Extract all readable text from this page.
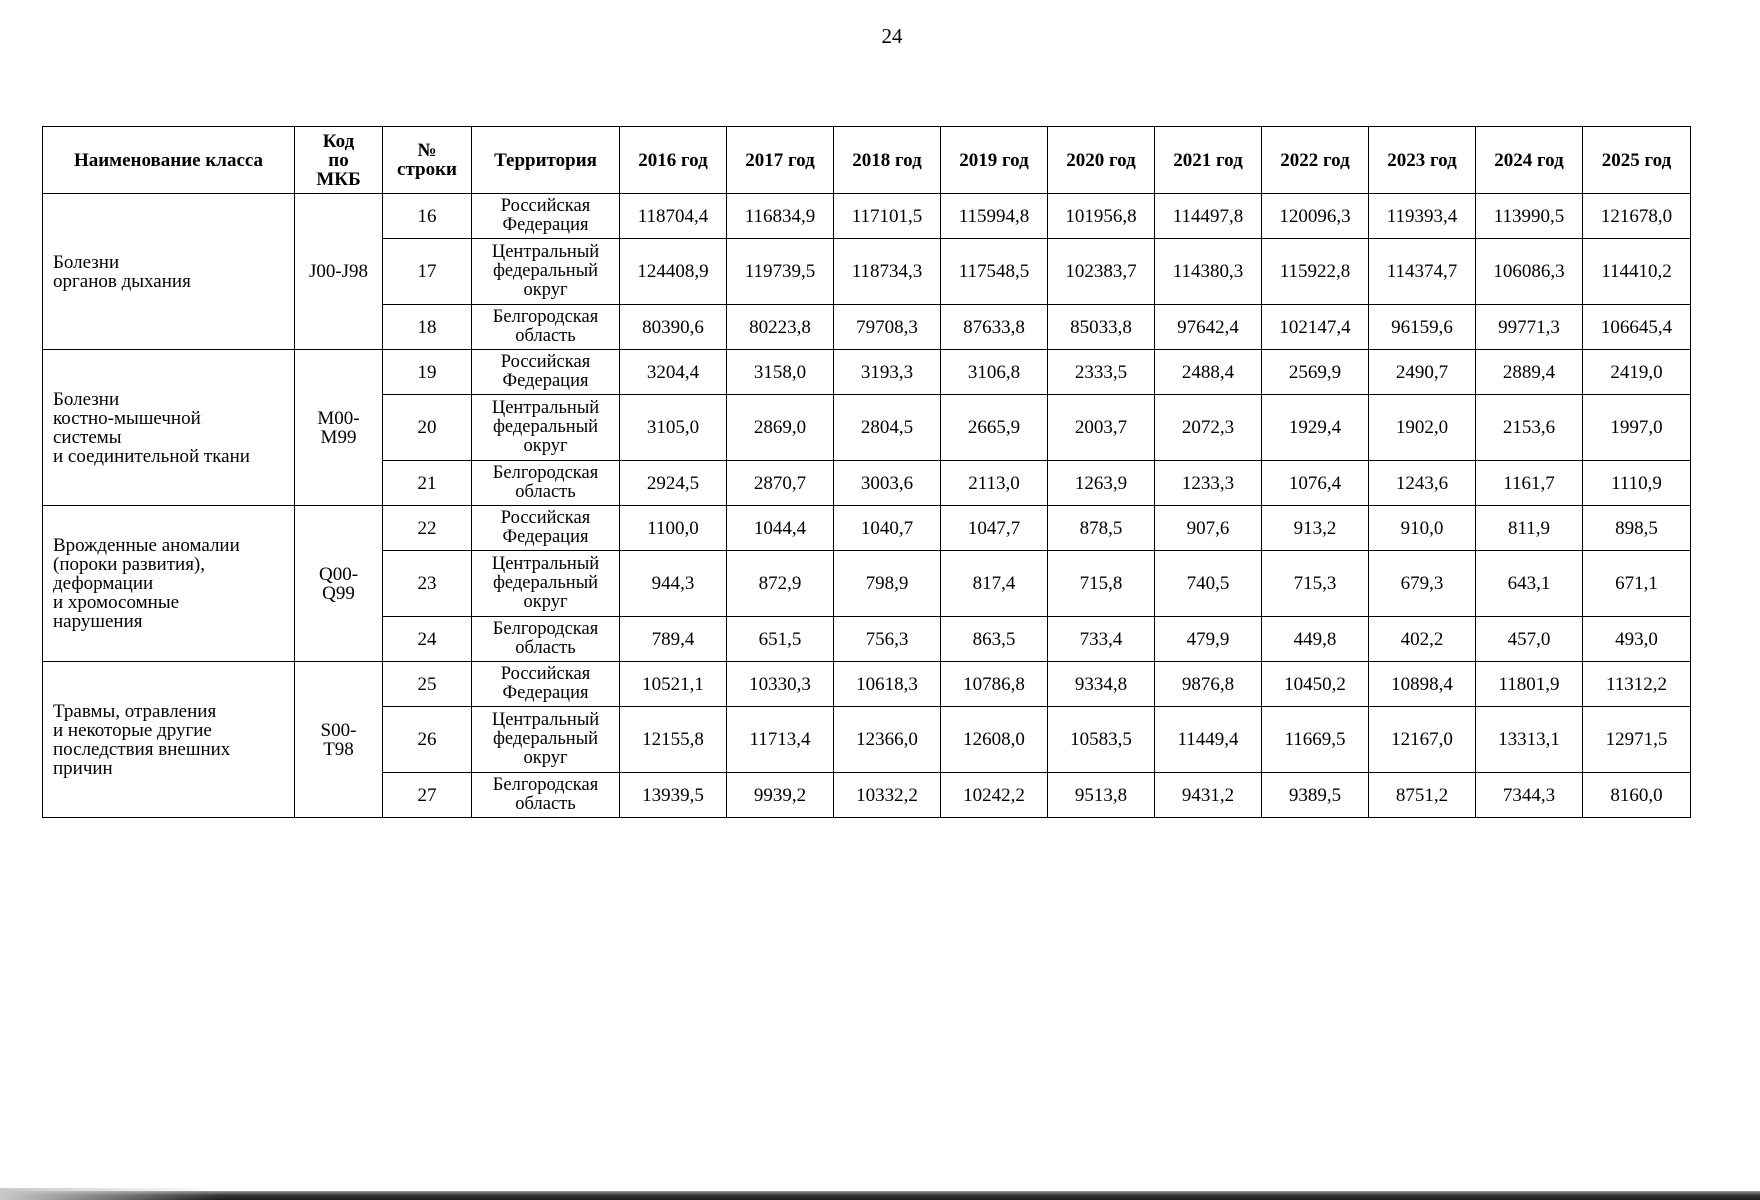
24
Наименование класса	Код
по
МКБ	№
строки	Территория	2016 год	2017 год	2018 год	2019 год	2020 год	2021 год	2022 год	2023 год	2024 год	2025 год
Болезни
органов дыхания	J00-J98	16	Российская
Федерация	118704,4	116834,9	117101,5	115994,8	101956,8	114497,8	120096,3	119393,4	113990,5	121678,0
		17	Центральный
федеральный
округ	124408,9	119739,5	118734,3	117548,5	102383,7	114380,3	115922,8	114374,7	106086,3	114410,2
		18	Белгородская
область	80390,6	80223,8	79708,3	87633,8	85033,8	97642,4	102147,4	96159,6	99771,3	106645,4
Болезни
костно-мышечной
системы
и соединительной ткани	M00-
M99	19	Российская
Федерация	3204,4	3158,0	3193,3	3106,8	2333,5	2488,4	2569,9	2490,7	2889,4	2419,0
		20	Центральный
федеральный
округ	3105,0	2869,0	2804,5	2665,9	2003,7	2072,3	1929,4	1902,0	2153,6	1997,0
		21	Белгородская
область	2924,5	2870,7	3003,6	2113,0	1263,9	1233,3	1076,4	1243,6	1161,7	1110,9
Врожденные аномалии
(пороки развития),
деформации
и хромосомные
нарушения	Q00-
Q99	22	Российская
Федерация	1100,0	1044,4	1040,7	1047,7	878,5	907,6	913,2	910,0	811,9	898,5
		23	Центральный
федеральный
округ	944,3	872,9	798,9	817,4	715,8	740,5	715,3	679,3	643,1	671,1
		24	Белгородская
область	789,4	651,5	756,3	863,5	733,4	479,9	449,8	402,2	457,0	493,0
Травмы, отравления
и некоторые другие
последствия внешних
причин	S00-
T98	25	Российская
Федерация	10521,1	10330,3	10618,3	10786,8	9334,8	9876,8	10450,2	10898,4	11801,9	11312,2
		26	Центральный
федеральный
округ	12155,8	11713,4	12366,0	12608,0	10583,5	11449,4	11669,5	12167,0	13313,1	12971,5
		27	Белгородская
область	13939,5	9939,2	10332,2	10242,2	9513,8	9431,2	9389,5	8751,2	7344,3	8160,0
